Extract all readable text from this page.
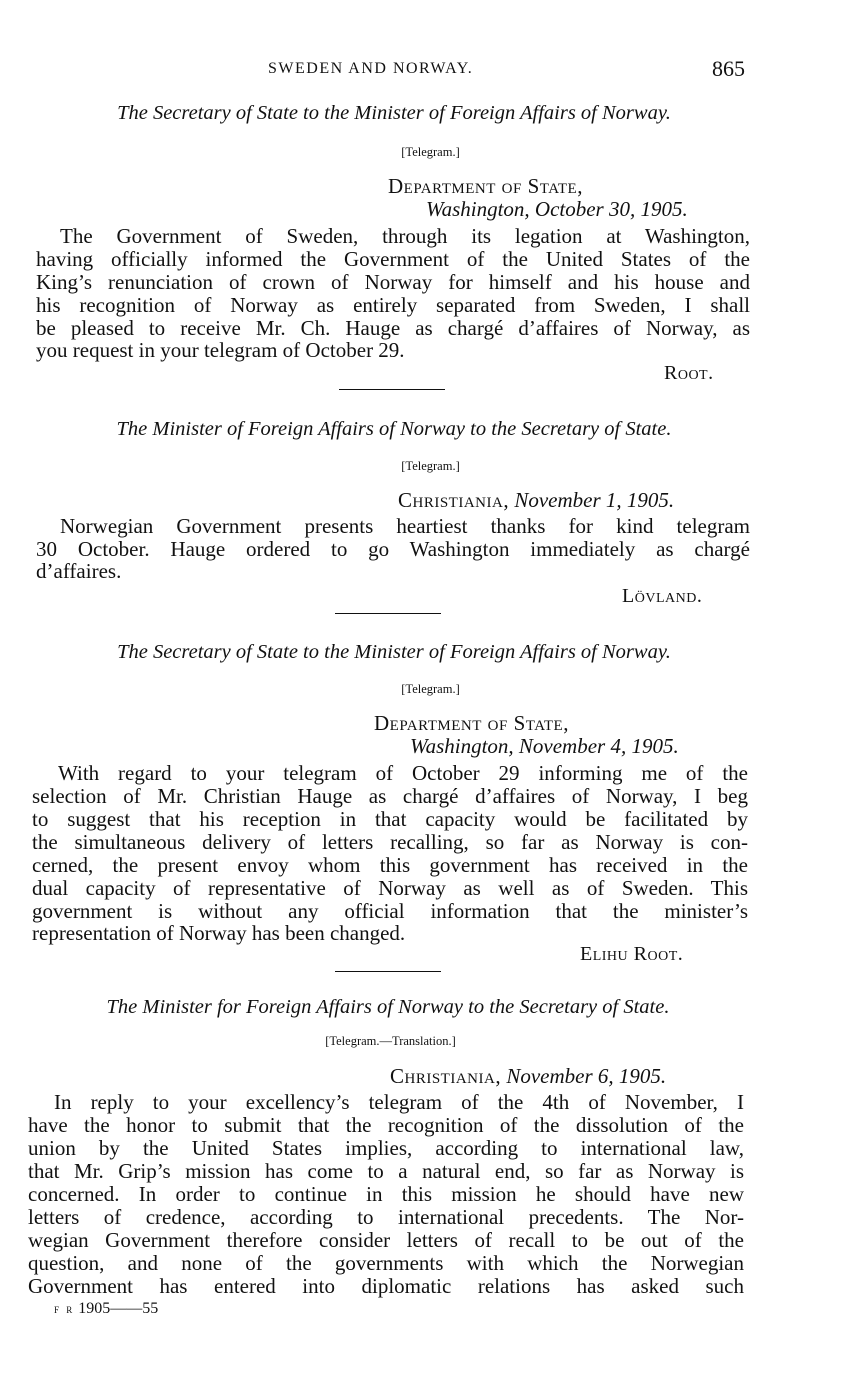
SWEDEN AND NORWAY.	865
The Secretary of State to the Minister of Foreign Affairs of Norway.
[Telegram.]
Department of State,
Washington, October 30, 1905.
The Government of Sweden, through its legation at Washington,
having officially informed the Government of the United States of the
King’s renunciation of crown of Norway for himself and his house and
his recognition of Norway as entirely separated from Sweden, I shall
be pleased to receive Mr. Ch. Hauge as chargé d’affaires of Norway, as
you request in your telegram of October 29.
Root.
The Minister of Foreign Affairs of Norway to the Secretary of State.
[Telegram.]
Christiania, November 1, 1905.
Norwegian Government presents heartiest thanks for kind telegram
30 October. Hauge ordered to go Washington immediately as chargé
d’affaires.
Lövland.
The Secretary of State to the Minister of Foreign Affairs of Norway.
[Telegram.]
Department of State,
Washington, November 4, 1905.
With regard to your telegram of October 29 informing me of the
selection of Mr. Christian Hauge as chargé d’affaires of Norway, I beg
to suggest that his reception in that capacity would be facilitated by
the simultaneous delivery of letters recalling, so far as Norway is con-
cerned, the present envoy whom this government has received in the
dual capacity of representative of Norway as well as of Sweden. This
government is without any official information that the minister’s
representation of Norway has been changed.
Elihu Root.
The Minister for Foreign Affairs of Norway to the Secretary of State.
[Telegram.—Translation.]
Christiania, November 6, 1905.
In reply to your excellency’s telegram of the 4th of November, I
have the honor to submit that the recognition of the dissolution of the
union by the United States implies, according to international law,
that Mr. Grip’s mission has come to a natural end, so far as Norway is
concerned. In order to continue in this mission he should have new
letters of credence, according to international precedents. The Nor-
wegian Government therefore consider letters of recall to be out of the
question, and none of the governments with which the Norwegian
Government has entered into diplomatic relations has asked such
f r 1905——55
